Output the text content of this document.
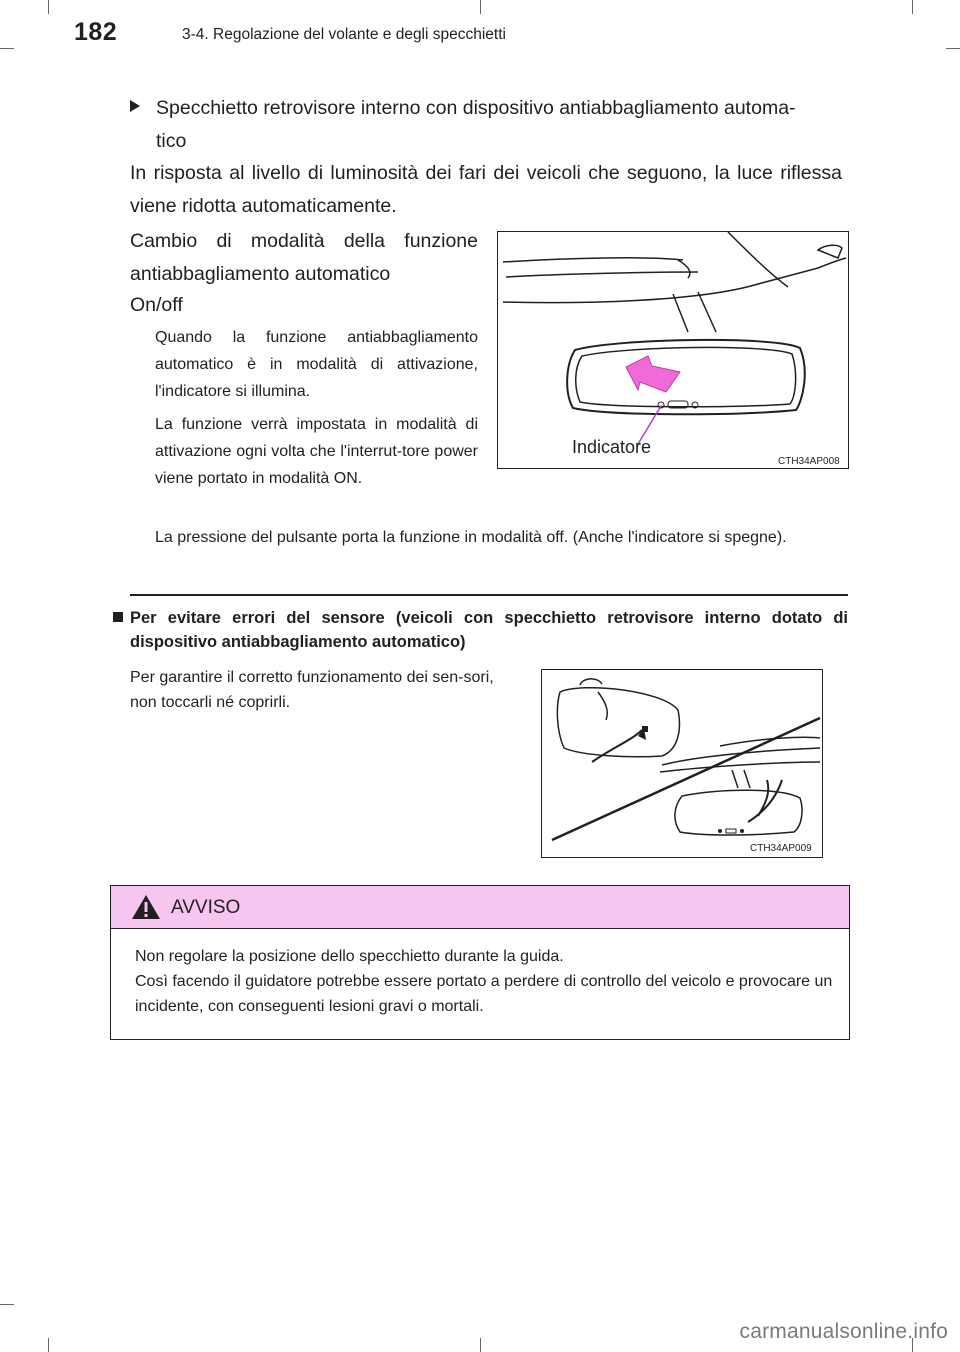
182	3-4. Regolazione del volante e degli specchietti
Specchietto retrovisore interno con dispositivo antiabbagliamento automa-
tico
In risposta al livello di luminosità dei fari dei veicoli che seguono, la luce riflessa viene ridotta automaticamente.
Cambio di modalità della funzione antiabbagliamento automatico
On/off
Quando la funzione antiabbagliamento automatico è in modalità di attivazione, l'indicatore si illumina.
La funzione verrà impostata in modalità di attivazione ogni volta che l'interrut-tore power viene portato in modalità ON.
La pressione del pulsante porta la funzione in modalità off. (Anche l'indicatore si spegne).
CTH34AP008
Indicatore
Per evitare errori del sensore (veicoli con specchietto retrovisore interno dotato di dispositivo antiabbagliamento automatico)
Per garantire il corretto funzionamento dei sen-sori, non toccarli né coprirli.
CTH34AP009
AVVISO
Non regolare la posizione dello specchietto durante la guida.
Così facendo il guidatore potrebbe essere portato a perdere di controllo del veicolo e provocare un incidente, con conseguenti lesioni gravi o mortali.
carmanualsonline.info
